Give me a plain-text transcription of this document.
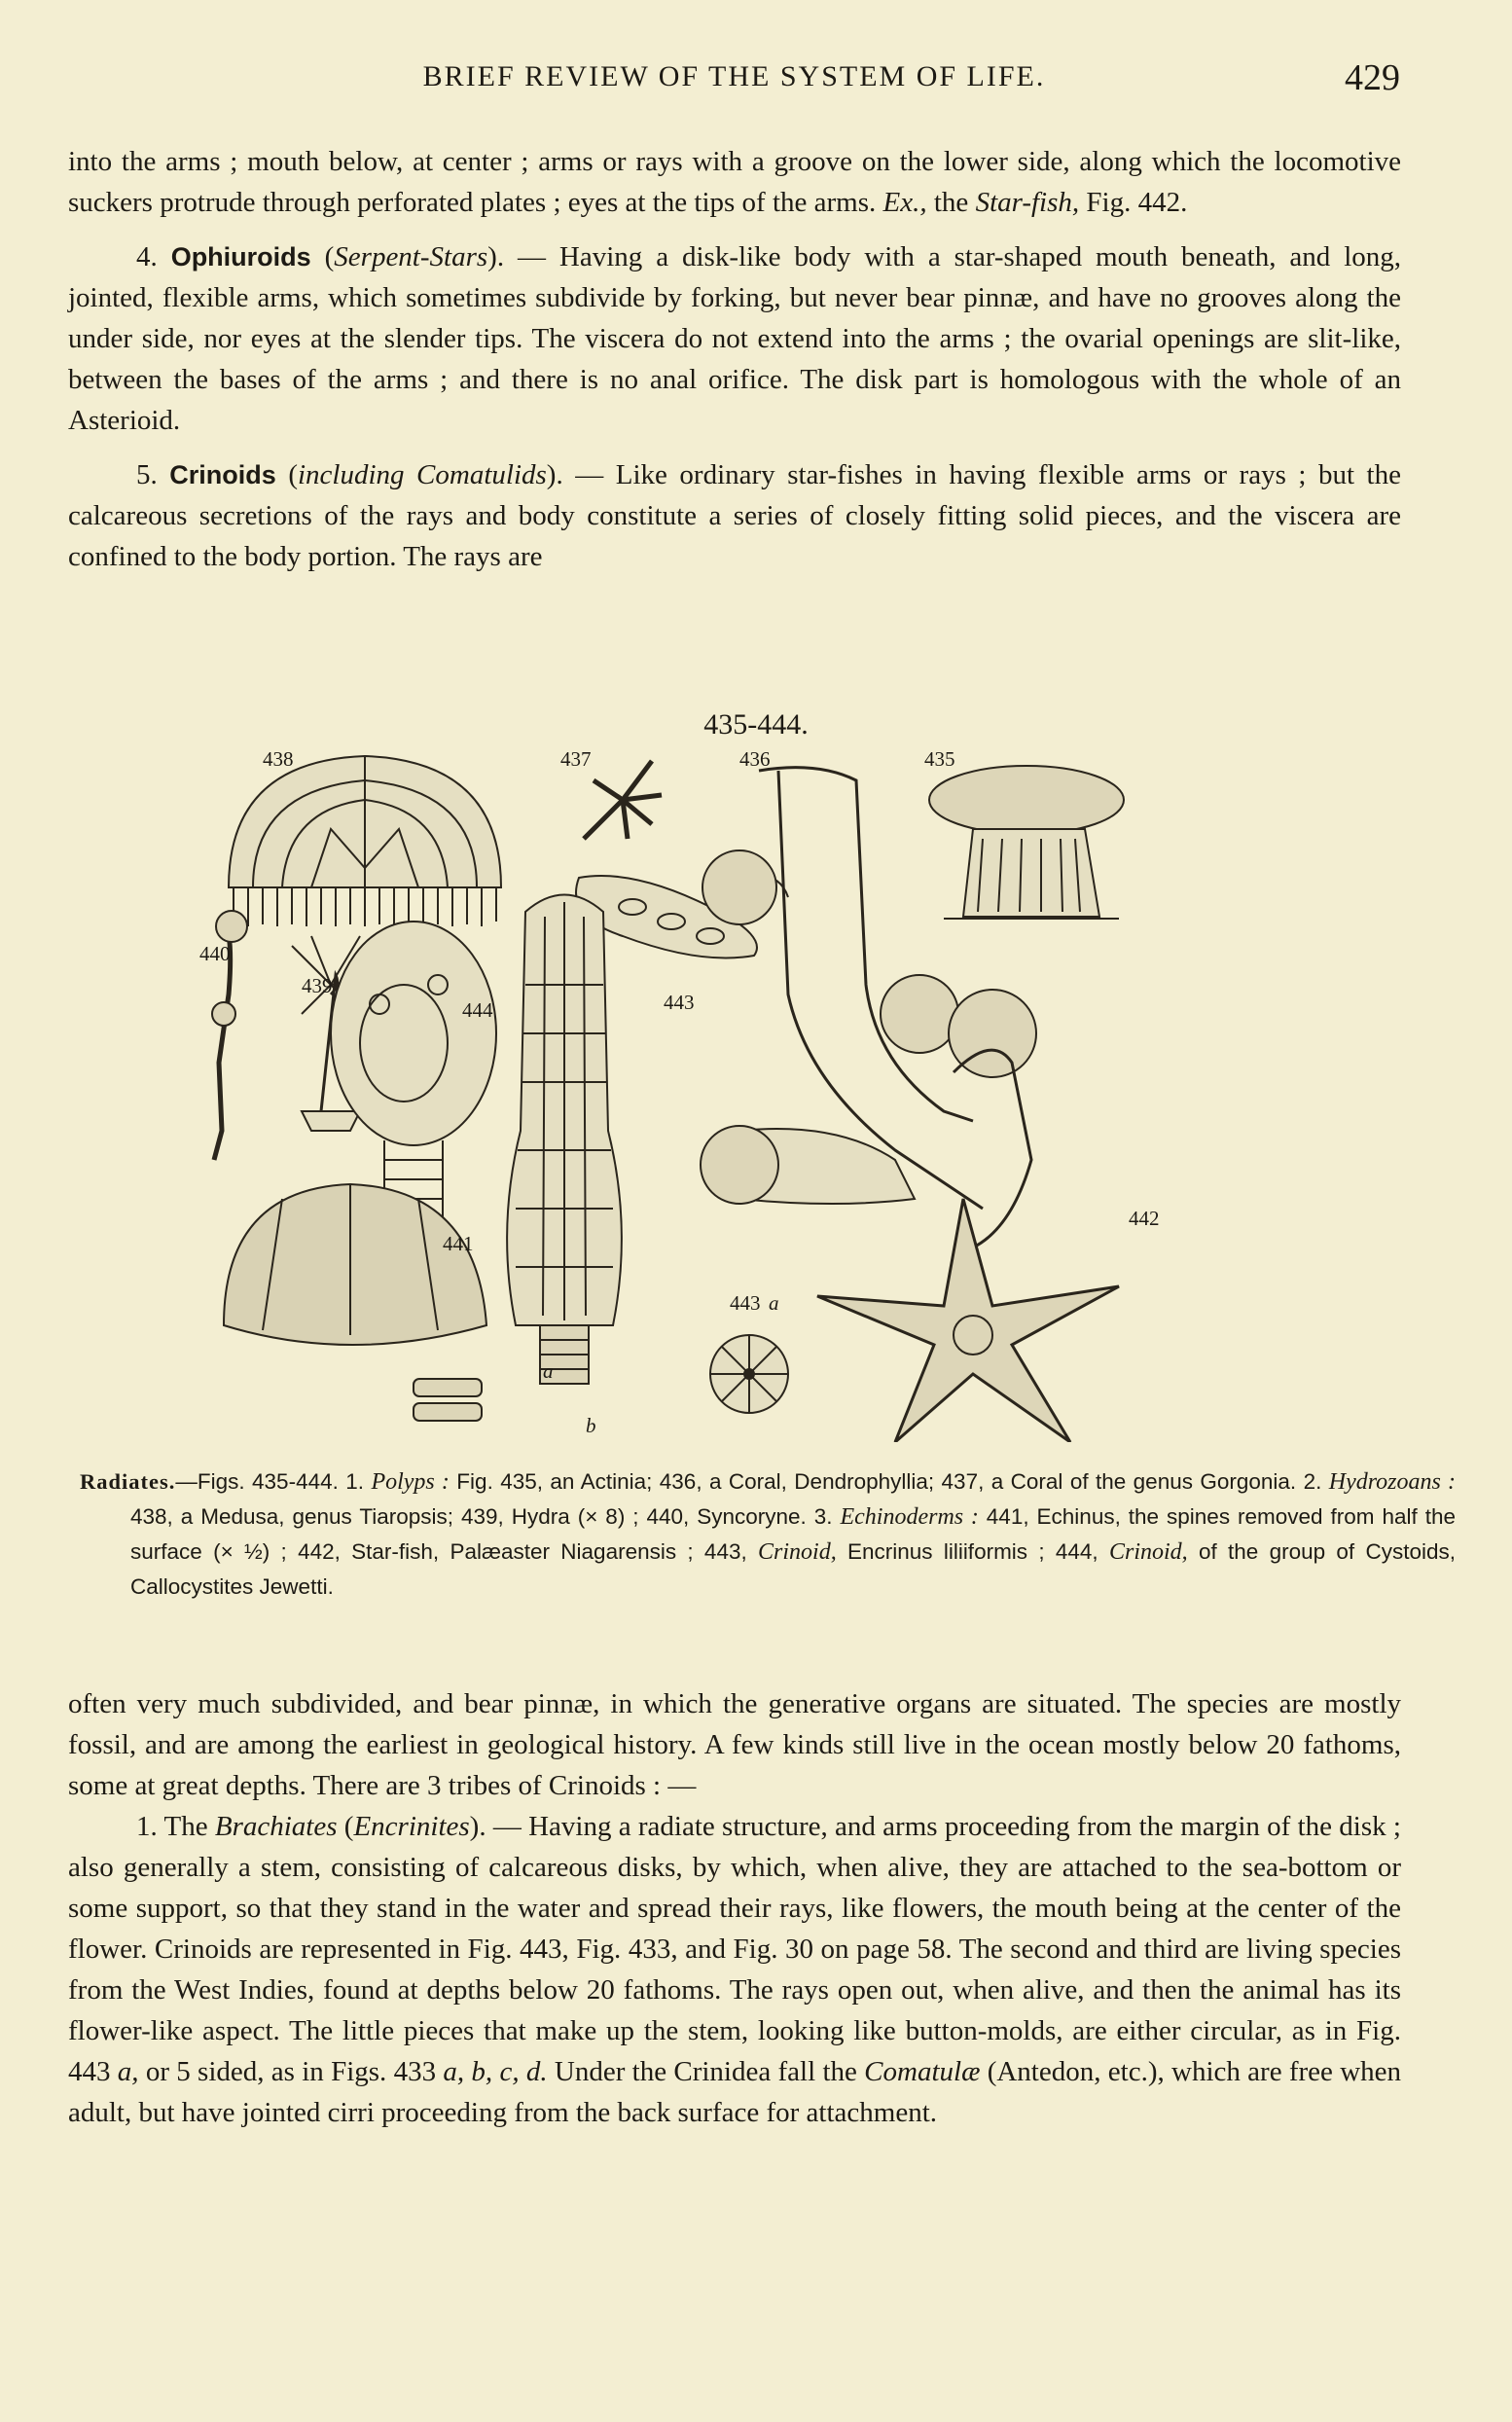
BRIEF REVIEW OF THE SYSTEM OF LIFE.	429

into the arms ; mouth below, at center ; arms or rays with a groove on the lower side, along which the locomotive suckers protrude through perforated plates ; eyes at the tips of the arms. Ex., the Star-fish, Fig. 442.

4. Ophiuroids (Serpent-Stars). — Having a disk-like body with a star-shaped mouth beneath, and long, jointed, flexible arms, which sometimes subdivide by forking, but never bear pinnæ, and have no grooves along the under side, nor eyes at the slender tips. The viscera do not extend into the arms ; the ovarial openings are slit-like, between the bases of the arms ; and there is no anal orifice. The disk part is homologous with the whole of an Asterioid.

5. Crinoids (including Comatulids). — Like ordinary star-fishes in having flexible arms or rays ; but the calcareous secretions of the rays and body constitute a series of closely fitting solid pieces, and the viscera are confined to the body portion. The rays are

435-444.
438	437	436	435
440
439
444	443
442
441
443 a
a
b
Radiates.—Figs. 435-444. 1. Polyps : Fig. 435, an Actinia; 436, a Coral, Dendrophyllia; 437, a Coral of the genus Gorgonia. 2. Hydrozoans : 438, a Medusa, genus Tiaropsis; 439, Hydra (× 8) ; 440, Syncoryne. 3. Echinoderms : 441, Echinus, the spines removed from half the surface (× ½) ; 442, Star-fish, Palæaster Niagarensis ; 443, Crinoid, Encrinus liliiformis ; 444, Crinoid, of the group of Cystoids, Callocystites Jewetti.

often very much subdivided, and bear pinnæ, in which the generative organs are situated. The species are mostly fossil, and are among the earliest in geological history. A few kinds still live in the ocean mostly below 20 fathoms, some at great depths. There are 3 tribes of Crinoids : —

1. The Brachiates (Encrinites). — Having a radiate structure, and arms proceeding from the margin of the disk ; also generally a stem, consisting of calcareous disks, by which, when alive, they are attached to the sea-bottom or some support, so that they stand in the water and spread their rays, like flowers, the mouth being at the center of the flower. Crinoids are represented in Fig. 443, Fig. 433, and Fig. 30 on page 58. The second and third are living species from the West Indies, found at depths below 20 fathoms. The rays open out, when alive, and then the animal has its flower-like aspect. The little pieces that make up the stem, looking like button-molds, are either circular, as in Fig. 443 a, or 5 sided, as in Figs. 433 a, b, c, d. Under the Crinidea fall the Comatulæ (Antedon, etc.), which are free when adult, but have jointed cirri proceeding from the back surface for attachment.
